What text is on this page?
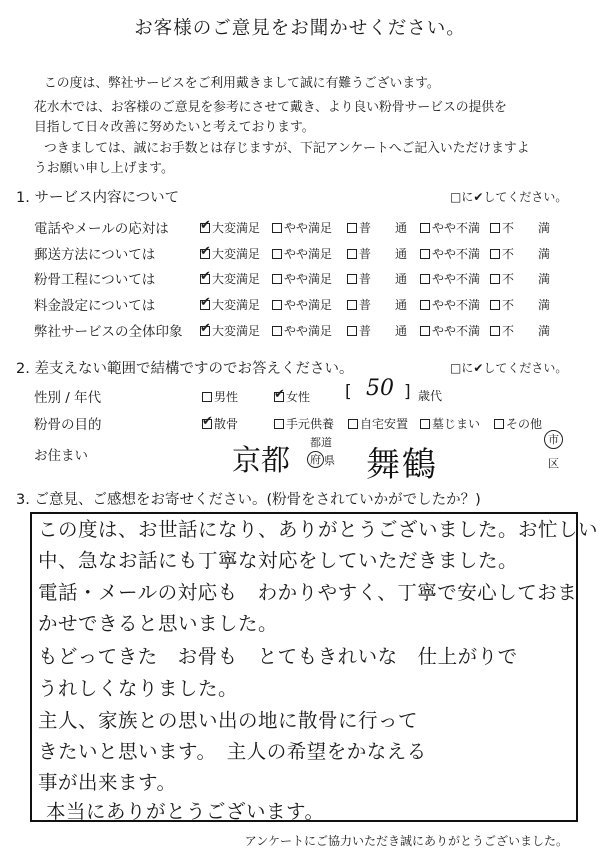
お客様のご意見をお聞かせください。
この度は、弊社サービスをご利用戴きまして誠に有難うございます。
花水木では、お客様のご意見を参考にさせて戴き、より良い粉骨サービスの提供を
目指して日々改善に努めたいと考えております。
つきましては、誠にお手数とは存じますが、下記アンケートへご記入いただけますよ
うお願い申し上げます。
1. サービス内容について	□に✔してください。
電話やメールの応対は ✔	大変満足 やや満足 普　　通 やや不満 不　　満
郵送方法については ✔	大変満足 やや満足 普　　通 やや不満 不　　満
粉骨工程については ✔	大変満足 やや満足 普　　通 やや不満 不　　満
料金設定については ✔	大変満足 やや満足 普　　通 やや不満 不　　満
弊社サービスの全体印象 ✔ 大変満足 やや満足 普　　通 やや不満 不　　満
2. 差支えない範囲で結構ですのでお答えください。	□に✔してください。
性別 / 年代	男性 ✔	女性 [ 50 ] 歳代
粉骨の目的 ✔	散骨	手元供養 自宅安置 墓じまい その他
お住まい	京都
都道
府 県 舞鶴
市
区
3. ご意見、ご感想をお寄せください。(粉骨をされていかがでしたか？)
この度は、お世話になり、ありがとうございました。お忙しい
中、急なお話にも丁寧な対応をしていただきました。
電話・メールの対応も　わかりやすく、丁寧で安心しておま
かせできると思いました。
もどってきた　お骨も　とてもきれいな　仕上がりで
うれしくなりました。
主人、家族との思い出の地に散骨に行って
きたいと思います。　主人の希望をかなえる
事が出来ます。
本当にありがとうございます。
アンケートにご協力いただき誠にありがとうございました。
